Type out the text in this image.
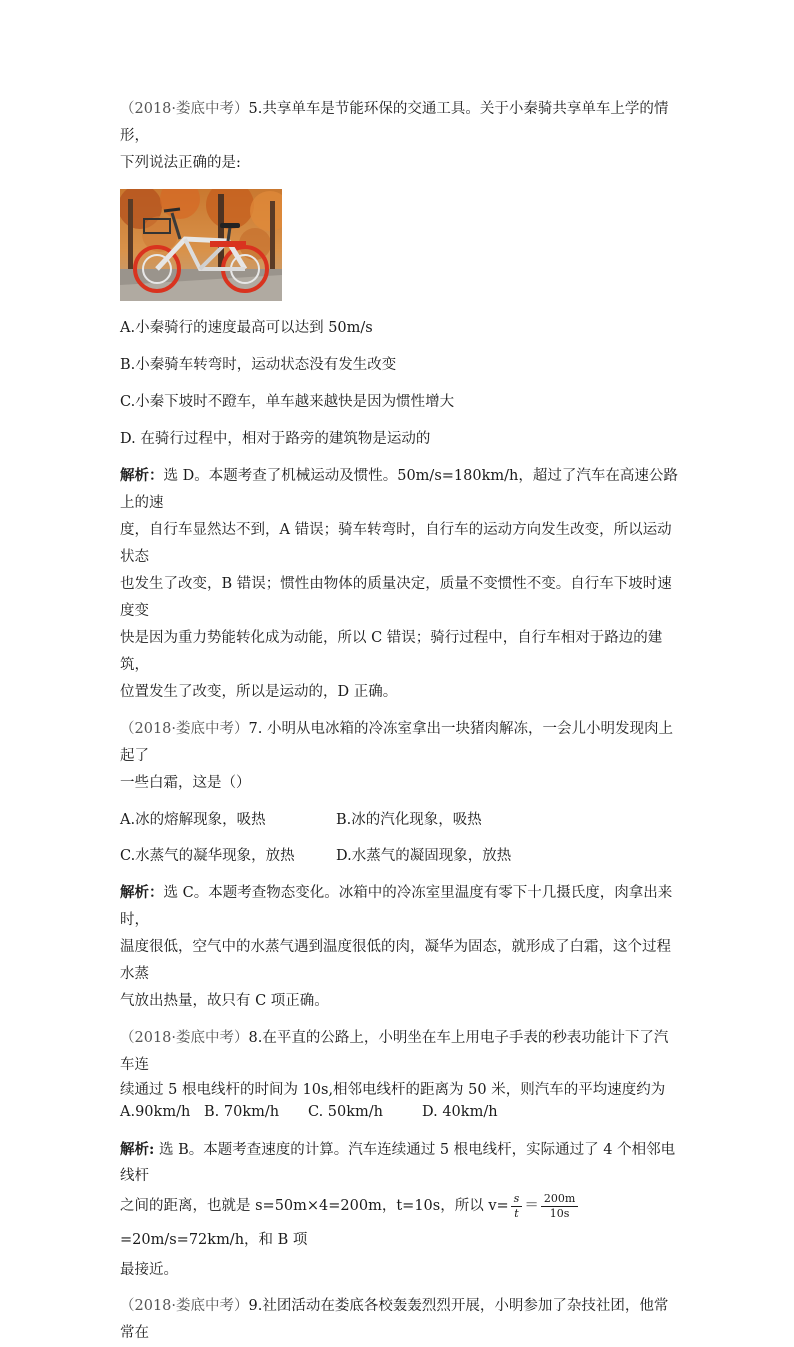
（2018·娄底中考）5.共享单车是节能环保的交通工具。关于小秦骑共享单车上学的情形，

下列说法正确的是:

A.小秦骑行的速度最高可以达到 50m/s

B.小秦骑车转弯时，运动状态没有发生改变

C.小秦下坡时不蹬车，单车越来越快是因为惯性增大

D. 在骑行过程中，相对于路旁的建筑物是运动的

解析：选 D。本题考查了机械运动及惯性。50m/s=180km/h，超过了汽车在高速公路上的速

度，自行车显然达不到，A 错误；骑车转弯时，自行车的运动方向发生改变，所以运动状态

也发生了改变，B 错误；惯性由物体的质量决定，质量不变惯性不变。自行车下坡时速度变

快是因为重力势能转化成为动能，所以 C 错误；骑行过程中，自行车相对于路边的建筑，

位置发生了改变，所以是运动的，D 正确。

（2018·娄底中考）7. 小明从电冰箱的冷冻室拿出一块猪肉解冻，一会儿小明发现肉上起了

一些白霜，这是（）

A.冰的熔解现象，吸热	B.冰的汽化现象，吸热
C.水蒸气的凝华现象，放热	D.水蒸气的凝固现象，放热

解析：选 C。本题考查物态变化。冰箱中的冷冻室里温度有零下十几摄氏度，肉拿出来时，

温度很低，空气中的水蒸气遇到温度很低的肉，凝华为固态，就形成了白霜，这个过程水蒸

气放出热量，故只有 C 项正确。

（2018·娄底中考）8.在平直的公路上，小明坐在车上用电子手表的秒表功能计下了汽车连

续通过 5 根电线杆的时间为 10s,相邻电线杆的距离为 50 米，则汽车的平均速度约为

A.90km/h B. 70km/h	C. 50km/h	D. 40km/h

解析: 选 B。本题考查速度的计算。汽车连续通过 5 根电线杆，实际通过了 4 个相邻电线杆

之间的距离，也就是 s=50m×4=200m，t=10s，所以 $v= \frac{s}{t} = \frac{200m}{10s}$
=20m/s=72km/h，和 B 项

最接近。

（2018·娄底中考）9.社团活动在娄底各校轰轰烈烈开展，小明参加了杂技社团，他常常在
